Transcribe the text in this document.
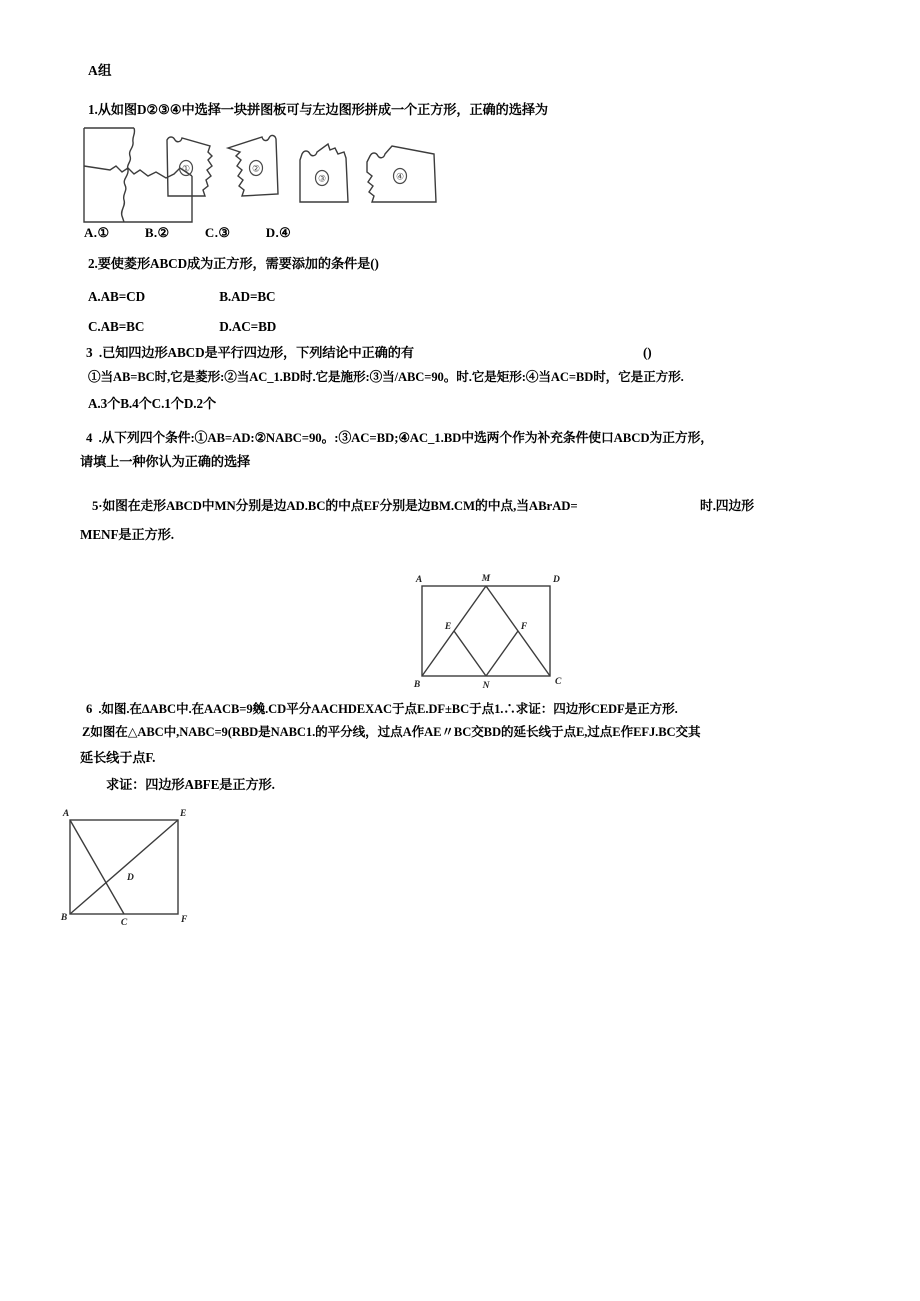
A组
1.从如图D②③④中选择一块拼图板可与左边图形拼成一个正方形，正确的选择为
①	②
③	④
A.①	B.②	C.③	D.④
2.要使菱形ABCD成为正方形，需要添加的条件是()
A.AB=CD	B.AD=BC
C.AB=BC	D.AC=BD
3 .已知四边形ABCD是平行四边形，下列结论中正确的有	()
①当AB=BC时,它是菱形:②当AC_1.BD时.它是施形:③当/ABC=90。时.它是矩形:④当AC=BD时，它是正方形.
A.3个B.4个C.1个D.2个
4 .从下列四个条件:①AB=AD:②NABC=90。:③AC=BD;④AC_1.BD中选两个作为补充条件使口ABCD为正方形，
请填上一种你认为正确的选择
5·如图在走形ABCD中MN分别是边AD.BC的中点EF分别是边BM.CM的中点,当ABrAD=	时.四边形
MENF是正方形.
A	M	D
E	F
B	N	C
6 .如图.在ΔABC中.在AACB=9㕙.CD平分AACHDEXAC于点E.DF±BC于点1.∴求证：四边形CEDF是正方形.
Z如图在△ABC中,NABC=9(RBD是NABC1.的平分线，过点A作AE〃BC交BD的延长线于点E,过点E作EFJ.BC交其
延长线于点F.
求证：四边形ABFE是正方形.
A	E
D
B	C	F
